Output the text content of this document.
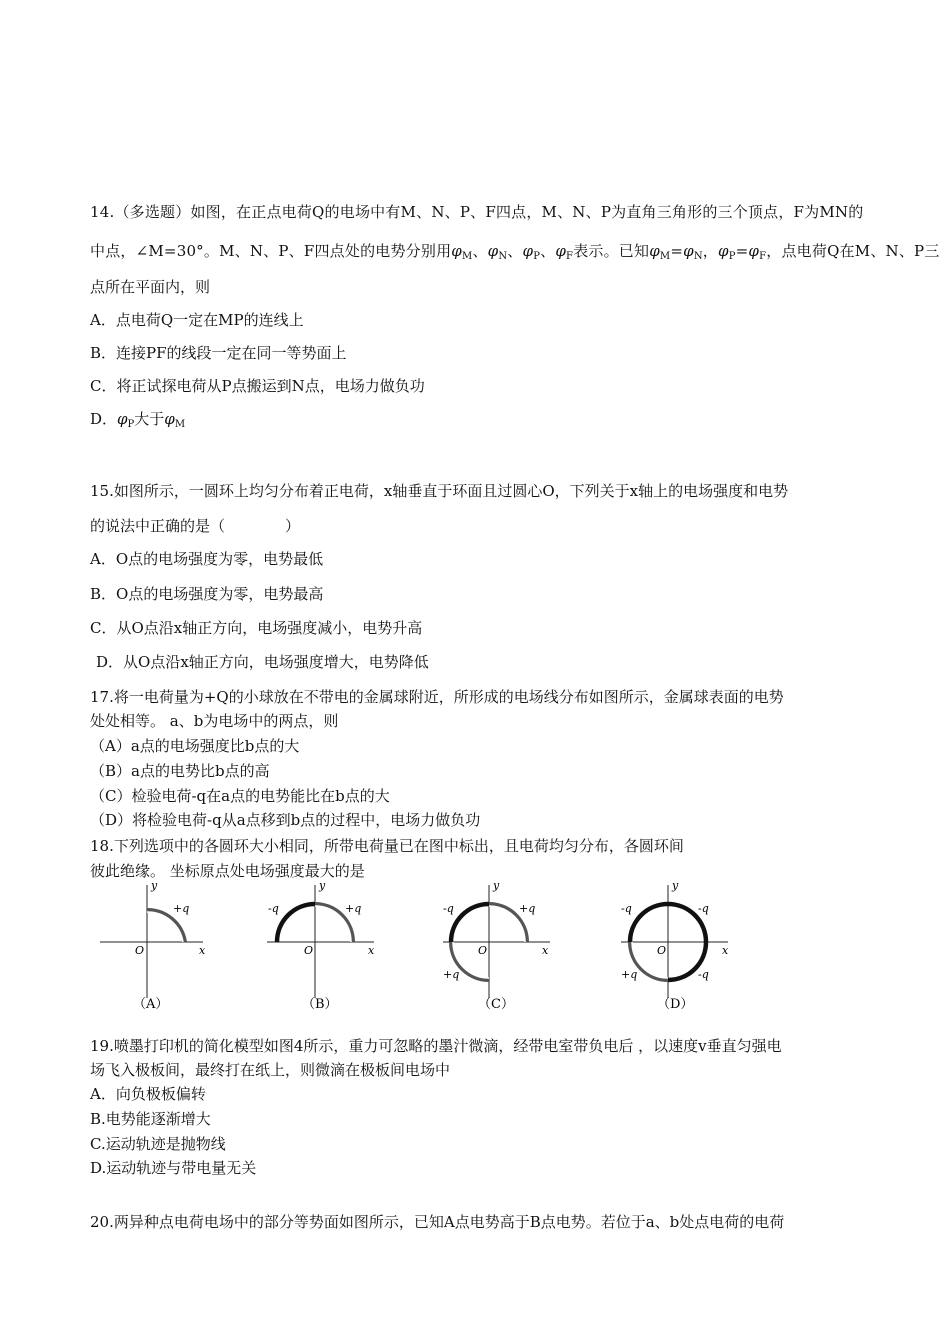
14.（多选题）如图，在正点电荷Q的电场中有M、N、P、F四点，M、N、P为直角三角形的三个顶点，F为MN的
中点，∠M=30°。M、N、P、F四点处的电势分别用$\varphi_M$、$\varphi_N$、$\varphi_P$、$\varphi_F$表示。已知$\varphi_M=\varphi_N$，$\varphi_P=\varphi_F$，点电荷Q在M、N、P三
点所在平面内，则
A．点电荷Q一定在MP的连线上
B．连接PF的线段一定在同一等势面上
C．将正试探电荷从P点搬运到N点，电场力做负功
D．$\varphi_P$大于$\varphi_M$
15.如图所示，一圆环上均匀分布着正电荷，x轴垂直于环面且过圆心O，下列关于x轴上的电场强度和电势
的说法中正确的是（　　　　）
A．O点的电场强度为零，电势最低
B．O点的电场强度为零，电势最高
C．从O点沿x轴正方向，电场强度减小，电势升高
D．从O点沿x轴正方向，电场强度增大，电势降低
17.将一电荷量为+Q的小球放在不带电的金属球附近，所形成的电场线分布如图所示，金属球表面的电势
处处相等。 a、b为电场中的两点，则
（A）a点的电场强度比b点的大
（B）a点的电势比b点的高
（C）检验电荷-q在a点的电势能比在b点的大
（D）将检验电荷-q从a点移到b点的过程中，电场力做负功
18.下列选项中的各圆环大小相同，所带电荷量已在图中标出，且电荷均匀分布，各圆环间
彼此绝缘。 坐标原点处电场强度最大的是
y
x
O
+q
（A）
y
x
O
-q	+q
（B）
y
x
O
-q	+q
+q
（C）
y
x
O
-q	-q
+q	-q
（D）
19.喷墨打印机的简化模型如图4所示，重力可忽略的墨汁微滴，经带电室带负电后 ，以速度v垂直匀强电
场飞入极板间，最终打在纸上，则微滴在极板间电场中
A．向负极板偏转
B.电势能逐渐增大
C.运动轨迹是抛物线
D.运动轨迹与带电量无关
20.两异种点电荷电场中的部分等势面如图所示，已知A点电势高于B点电势。若位于a、b处点电荷的电荷
